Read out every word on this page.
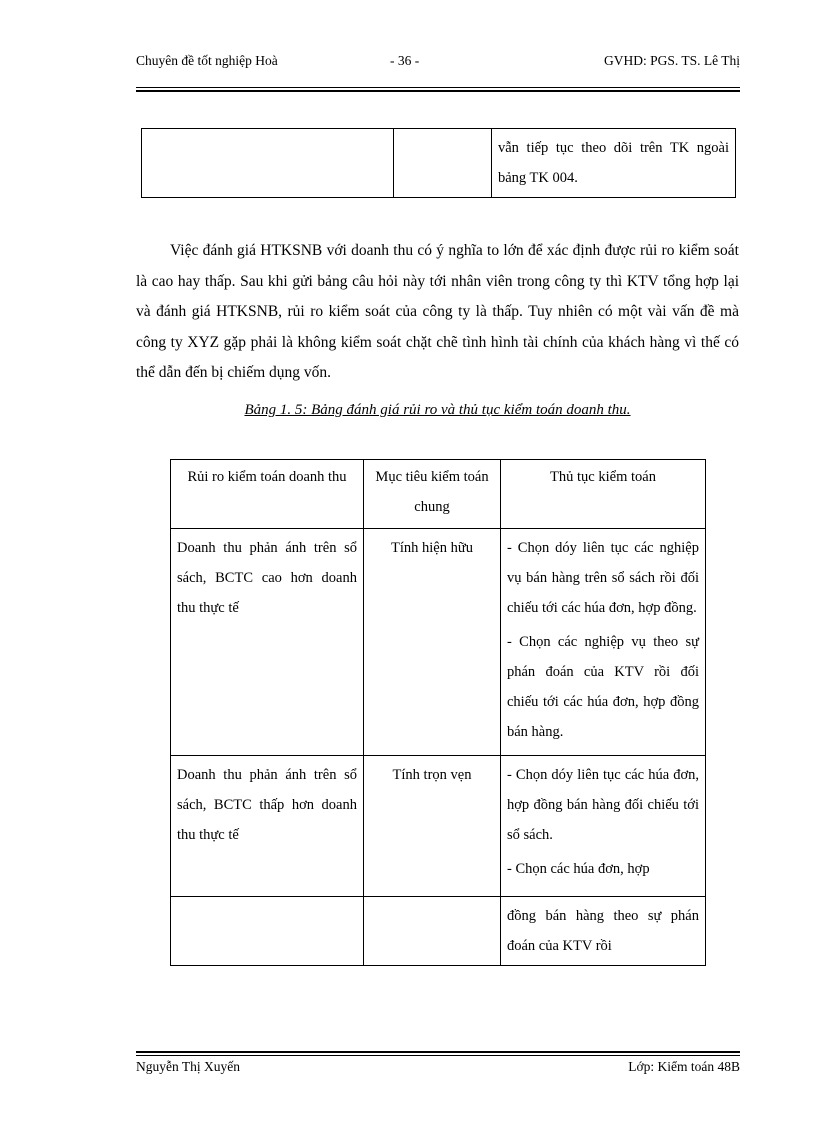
Chuyên đề tốt nghiệp Hoà	- 36 -	GVHD: PGS. TS. Lê Thị
		vẫn tiếp tục theo dõi trên TK ngoài bảng TK 004.

Việc đánh giá HTKSNB với doanh thu có ý nghĩa to lớn để xác định được rủi ro kiểm soát là cao hay thấp. Sau khi gửi bảng câu hỏi này tới nhân viên trong công ty thì KTV tổng hợp lại và đánh giá HTKSNB, rủi ro kiểm soát của công ty là thấp. Tuy nhiên có một vài vấn đề mà công ty XYZ gặp phải là không kiểm soát chặt chẽ tình hình tài chính của khách hàng vì thế có thể dẫn đến bị chiếm dụng vốn.

Bảng 1. 5: Bảng đánh giá rủi ro và thủ tục kiểm toán doanh thu.
Rủi ro kiểm toán doanh thu	Mục tiêu kiểm toán chung	Thủ tục kiểm toán
Doanh thu phản ánh trên sổ sách, BCTC cao hơn doanh thu thực tế	Tính hiện hữu	- Chọn dóy liên tục các nghiệp vụ bán hàng trên sổ sách rồi đối chiếu tới các húa đơn, hợp đồng.

- Chọn các nghiệp vụ theo sự phán đoán của KTV rồi đối chiếu tới các húa đơn, hợp đồng bán hàng.

Doanh thu phản ánh trên sổ sách, BCTC thấp hơn doanh thu thực tế	Tính trọn vẹn	- Chọn dóy liên tục các húa đơn, hợp đồng bán hàng đối chiếu tới sổ sách.

- Chọn các húa đơn, hợp

		đồng bán hàng theo sự phán đoán của KTV rồi

Nguyễn Thị Xuyến	Lớp: Kiểm toán 48B
